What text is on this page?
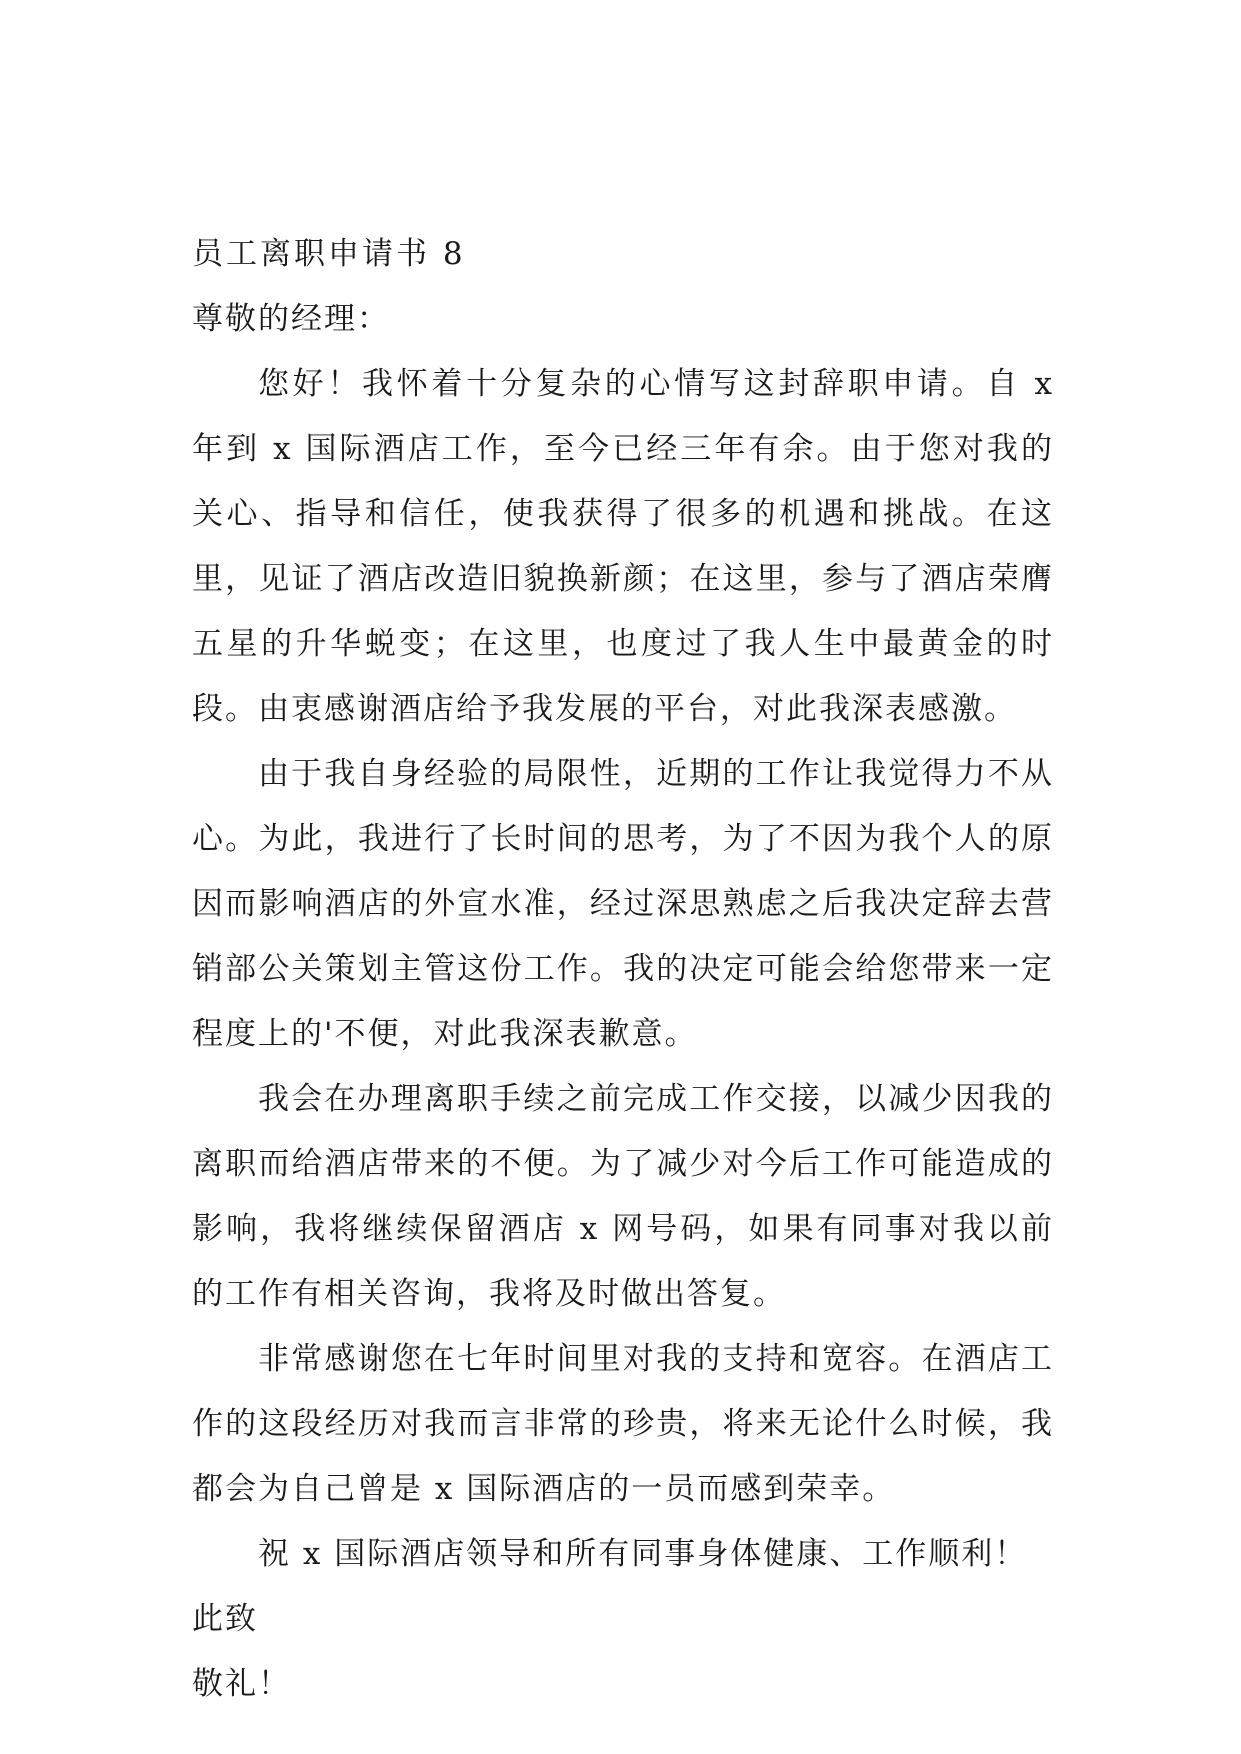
员工离职申请书 8
尊敬的经理：

您好！我怀着十分复杂的心情写这封辞职申请。自 x 年到 x 国际酒店工作，至今已经三年有余。由于您对我的关心、指导和信任，使我获得了很多的机遇和挑战。在这里，见证了酒店改造旧貌换新颜；在这里，参与了酒店荣膺五星的升华蜕变；在这里，也度过了我人生中最黄金的时段。由衷感谢酒店给予我发展的平台，对此我深表感激。

由于我自身经验的局限性，近期的工作让我觉得力不从心。为此，我进行了长时间的思考，为了不因为我个人的原因而影响酒店的外宣水准，经过深思熟虑之后我决定辞去营销部公关策划主管这份工作。我的决定可能会给您带来一定程度上的'不便，对此我深表歉意。

我会在办理离职手续之前完成工作交接，以减少因我的离职而给酒店带来的不便。为了减少对今后工作可能造成的影响，我将继续保留酒店 x 网号码，如果有同事对我以前的工作有相关咨询，我将及时做出答复。

非常感谢您在七年时间里对我的支持和宽容。在酒店工作的这段经历对我而言非常的珍贵，将来无论什么时候，我都会为自己曾是 x 国际酒店的一员而感到荣幸。

祝 x 国际酒店领导和所有同事身体健康、工作顺利！

此致
敬礼！
